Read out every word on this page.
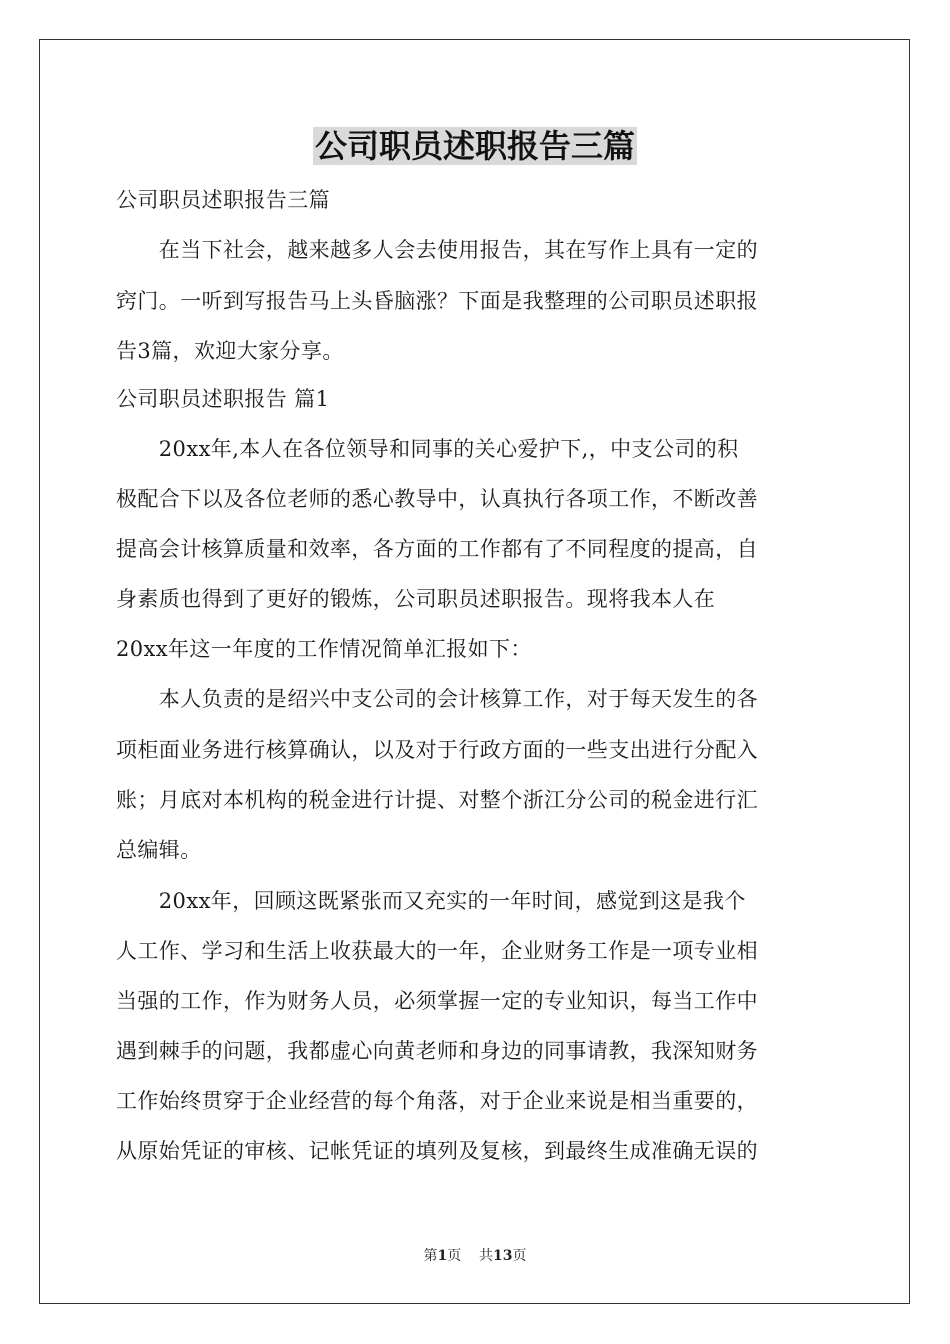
公司职员述职报告三篇
公司职员述职报告三篇
　　在当下社会，越来越多人会去使用报告，其在写作上具有一定的
窍门。一听到写报告马上头昏脑涨？下面是我整理的公司职员述职报
告3篇，欢迎大家分享。
公司职员述职报告 篇1
　　20xx年,本人在各位领导和同事的关心爱护下,，中支公司的积
极配合下以及各位老师的悉心教导中，认真执行各项工作，不断改善
提高会计核算质量和效率，各方面的工作都有了不同程度的提高，自
身素质也得到了更好的锻炼，公司职员述职报告。现将我本人在
20xx年这一年度的工作情况简单汇报如下：
　　本人负责的是绍兴中支公司的会计核算工作，对于每天发生的各
项柜面业务进行核算确认，以及对于行政方面的一些支出进行分配入
账；月底对本机构的税金进行计提、对整个浙江分公司的税金进行汇
总编辑。
　　20xx年，回顾这既紧张而又充实的一年时间，感觉到这是我个
人工作、学习和生活上收获最大的一年，企业财务工作是一项专业相
当强的工作，作为财务人员，必须掌握一定的专业知识，每当工作中
遇到棘手的问题，我都虚心向黄老师和身边的同事请教，我深知财务
工作始终贯穿于企业经营的每个角落，对于企业来说是相当重要的，
从原始凭证的审核、记帐凭证的填列及复核，到最终生成准确无误的
第1页 共13页
